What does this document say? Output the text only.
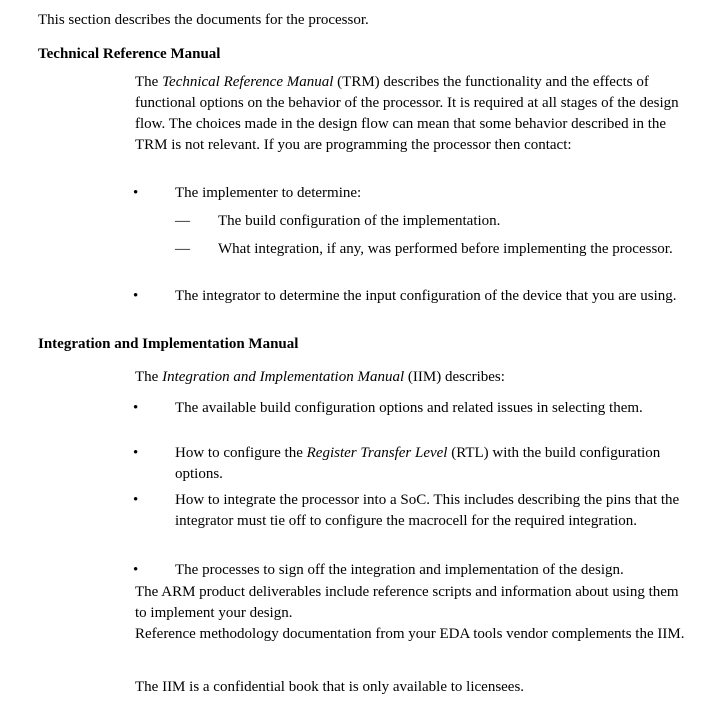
This section describes the documents for the processor.
Technical Reference Manual
The Technical Reference Manual (TRM) describes the functionality and the effects of functional options on the behavior of the processor. It is required at all stages of the design flow. The choices made in the design flow can mean that some behavior described in the TRM is not relevant. If you are programming the processor then contact:
•	The implementer to determine:
—	The build configuration of the implementation.
—	What integration, if any, was performed before implementing the processor.
•	The integrator to determine the input configuration of the device that you are using.
Integration and Implementation Manual
The Integration and Implementation Manual (IIM) describes:
•	The available build configuration options and related issues in selecting them.
•	How to configure the Register Transfer Level (RTL) with the build configuration options.
•	How to integrate the processor into a SoC. This includes describing the pins that the integrator must tie off to configure the macrocell for the required integration.
•	The processes to sign off the integration and implementation of the design.
The ARM product deliverables include reference scripts and information about using them to implement your design.
Reference methodology documentation from your EDA tools vendor complements the IIM.
The IIM is a confidential book that is only available to licensees.
